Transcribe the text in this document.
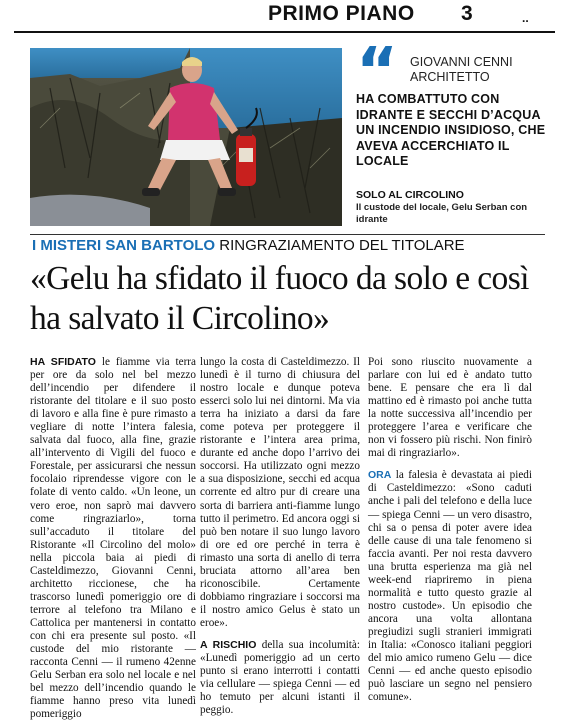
PRIMO PIANO 3	..
“ GIOVANNI CENNI
ARCHITETTO
HA COMBATTUTO CON IDRANTE E SECCHI D’ACQUA UN INCENDIO INSIDIOSO, CHE AVEVA ACCERCHIATO IL LOCALE
SOLO AL CIRCOLINO
Il custode del locale, Gelu Serban con idrante
I MISTERI SAN BARTOLO RINGRAZIAMENTO DEL TITOLARE
«Gelu ha sfidato il fuoco da solo e così ha salvato il Circolino»

HA SFIDATO le fiamme via terra per ore da solo nel bel mezzo dell’incendio per difendere il ristorante del titolare e il suo posto di lavoro e alla fine è pure rimasto a vegliare di notte l’intera falesia, salvata dal fuoco, alla fine, grazie all’intervento di Vigili del fuoco e Forestale, per assicurarsi che nessun focolaio riprendesse vigore con le folate di vento caldo. «Un leone, un vero eroe, non saprò mai davvero come ringraziarlo», torna sull’accaduto il titolare del Ristorante «Il Circolino del molo» nella piccola baia ai piedi di Casteldimezzo, Giovanni Cenni, architetto riccionese, che ha trascorso lunedì pomeriggio ore di terrore al telefono tra Milano e Cattolica per mantenersi in contatto con chi era presente sul posto. «Il custode del mio ristorante — racconta Cenni — il rumeno 42enne Gelu Serban era solo nel locale e nel bel mezzo dell’incendio quando le fiamme hanno preso vita lunedì pomeriggio

lungo la costa di Casteldimezzo. Il lunedì è il turno di chiusura del nostro locale e dunque poteva esserci solo lui nei dintorni. Ma via terra ha iniziato a darsi da fare come poteva per proteggere il ristorante e l’intera area prima, durante ed anche dopo l’arrivo dei soccorsi. Ha utilizzato ogni mezzo a sua disposizione, secchi ed acqua corrente ed altro pur di creare una sorta di barriera anti-fiamme lungo tutto il perimetro. Ed ancora oggi si può ben notare il suo lungo lavoro di ore ed ore perché in terra è rimasto una sorta di anello di terra bruciata attorno all’area ben riconoscibile. Certamente dobbiamo ringraziare i soccorsi ma il nostro amico Gelus è stato un eroe».

A RISCHIO della sua incolumità: «Lunedì pomeriggio ad un certo punto si erano interrotti i contatti via cellulare — spiega Cenni — ed ho temuto per alcuni istanti il peggio.

Poi sono riuscito nuovamente a parlare con lui ed è andato tutto bene. E pensare che era lì dal mattino ed è rimasto poi anche tutta la notte successiva all’incendio per proteggere l’area e verificare che non vi fossero più rischi. Non finirò mai di ringraziarlo».

ORA la falesia è devastata ai piedi di Casteldimezzo: «Sono caduti anche i pali del telefono e della luce — spiega Cenni — un vero disastro, chi sa o pensa di poter avere idea delle cause di una tale fenomeno si faccia avanti. Per noi resta davvero una brutta esperienza ma già nel week-end riapriremo in piena normalità e tutto questo grazie al nostro custode». Un episodio che ancora una volta allontana pregiudizi sugli stranieri immigrati in Italia: «Conosco italiani peggiori del mio amico rumeno Gelu — dice Cenni — ed anche questo episodio può lasciare un segno nel pensiero comune».
